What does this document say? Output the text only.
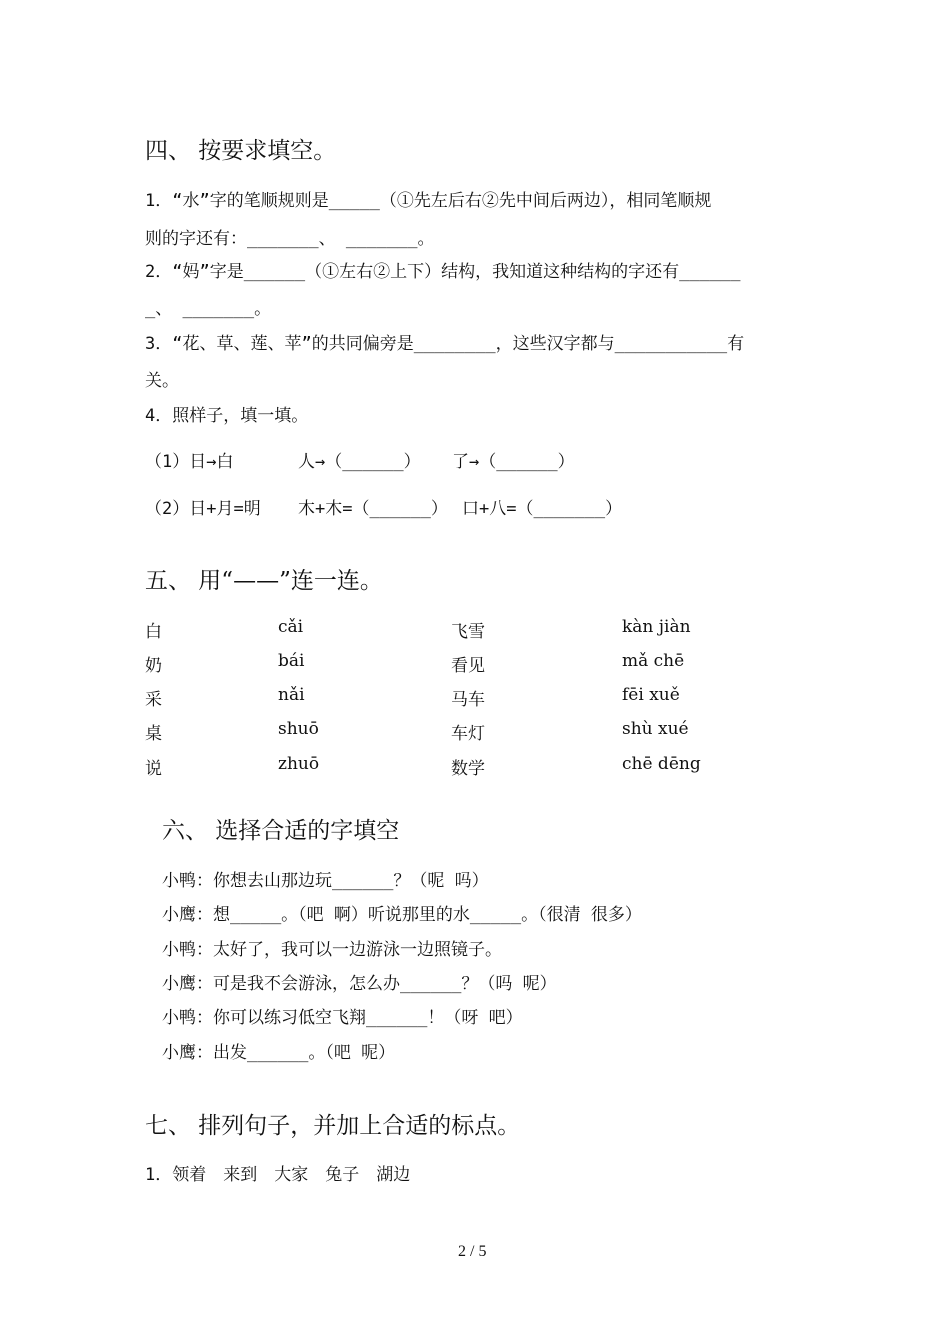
四、 按要求填空。
1．“水”字的笔顺规则是_____（①先左后右②先中间后两边），相同笔顺规
则的字还有：_______、 _______。
2．“妈”字是______（①左右②上下）结构，我知道这种结构的字还有______
_、 _______。
3．“花、草、莲、苹”的共同偏旁是________，这些汉字都与___________有
关。
4．照样子，填一填。
（1）日→白	人→（______） 了→（______）
（2）日+月=明 木+木=（______） 口+八=（_______）
五、 用“——”连一连。
白
奶
采
桌
说
cǎi
bái
nǎi
shuō
zhuō
飞雪
看见
马车
车灯
数学
kàn jiàn
mǎ chē
fēi xuě
shù xué
chē dēng
六、 选择合适的字填空
小鸭：你想去山那边玩______？（呢 吗）
小鹰：想_____。（吧 啊）听说那里的水_____。（很清 很多）
小鸭：太好了，我可以一边游泳一边照镜子。
小鹰：可是我不会游泳，怎么办______？（吗 呢）
小鸭：你可以练习低空飞翔______！（呀 吧）
小鹰：出发______。（吧 呢）
七、 排列句子，并加上合适的标点。
1．领着　来到　大家　兔子　湖边
2 / 5
